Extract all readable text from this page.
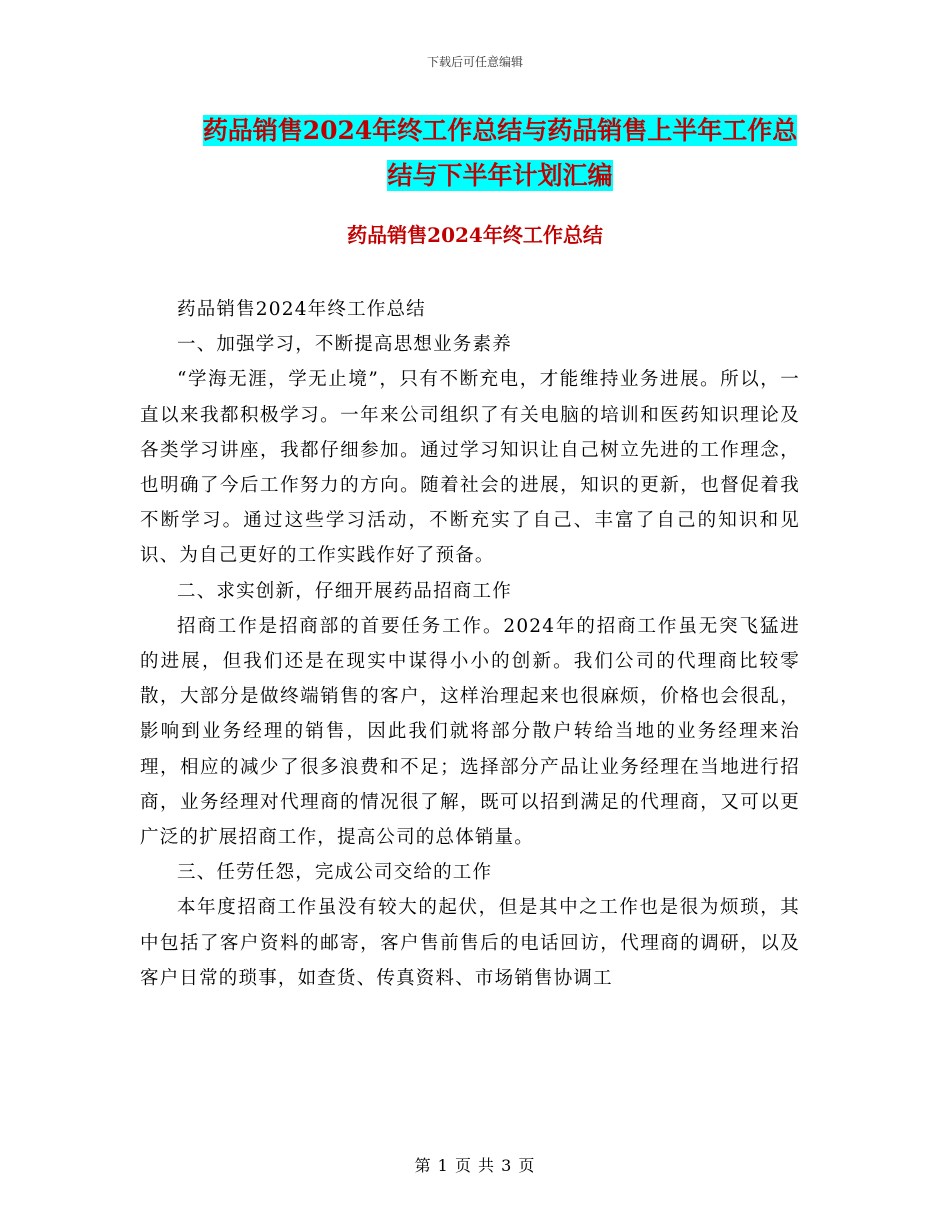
下载后可任意编辑
药品销售2024年终工作总结与药品销售上半年工作总
结与下半年计划汇编
药品销售2024年终工作总结

药品销售2024年终工作总结

一、加强学习，不断提高思想业务素养

“学海无涯，学无止境”，只有不断充电，才能维持业务进展。所以，一直以来我都积极学习。一年来公司组织了有关电脑的培训和医药知识理论及各类学习讲座，我都仔细参加。通过学习知识让自己树立先进的工作理念，也明确了今后工作努力的方向。随着社会的进展，知识的更新，也督促着我不断学习。通过这些学习活动，不断充实了自己、丰富了自己的知识和见识、为自己更好的工作实践作好了预备。

二、求实创新，仔细开展药品招商工作

招商工作是招商部的首要任务工作。2024年的招商工作虽无突飞猛进的进展，但我们还是在现实中谋得小小的创新。我们公司的代理商比较零散，大部分是做终端销售的客户，这样治理起来也很麻烦，价格也会很乱，影响到业务经理的销售，因此我们就将部分散户转给当地的业务经理来治理，相应的减少了很多浪费和不足；选择部分产品让业务经理在当地进行招商，业务经理对代理商的情况很了解，既可以招到满足的代理商，又可以更广泛的扩展招商工作，提高公司的总体销量。

三、任劳任怨，完成公司交给的工作

本年度招商工作虽没有较大的起伏，但是其中之工作也是很为烦琐，其中包括了客户资料的邮寄，客户售前售后的电话回访，代理商的调研，以及客户日常的琐事，如查货、传真资料、市场销售协调工

第 1 页 共 3 页
